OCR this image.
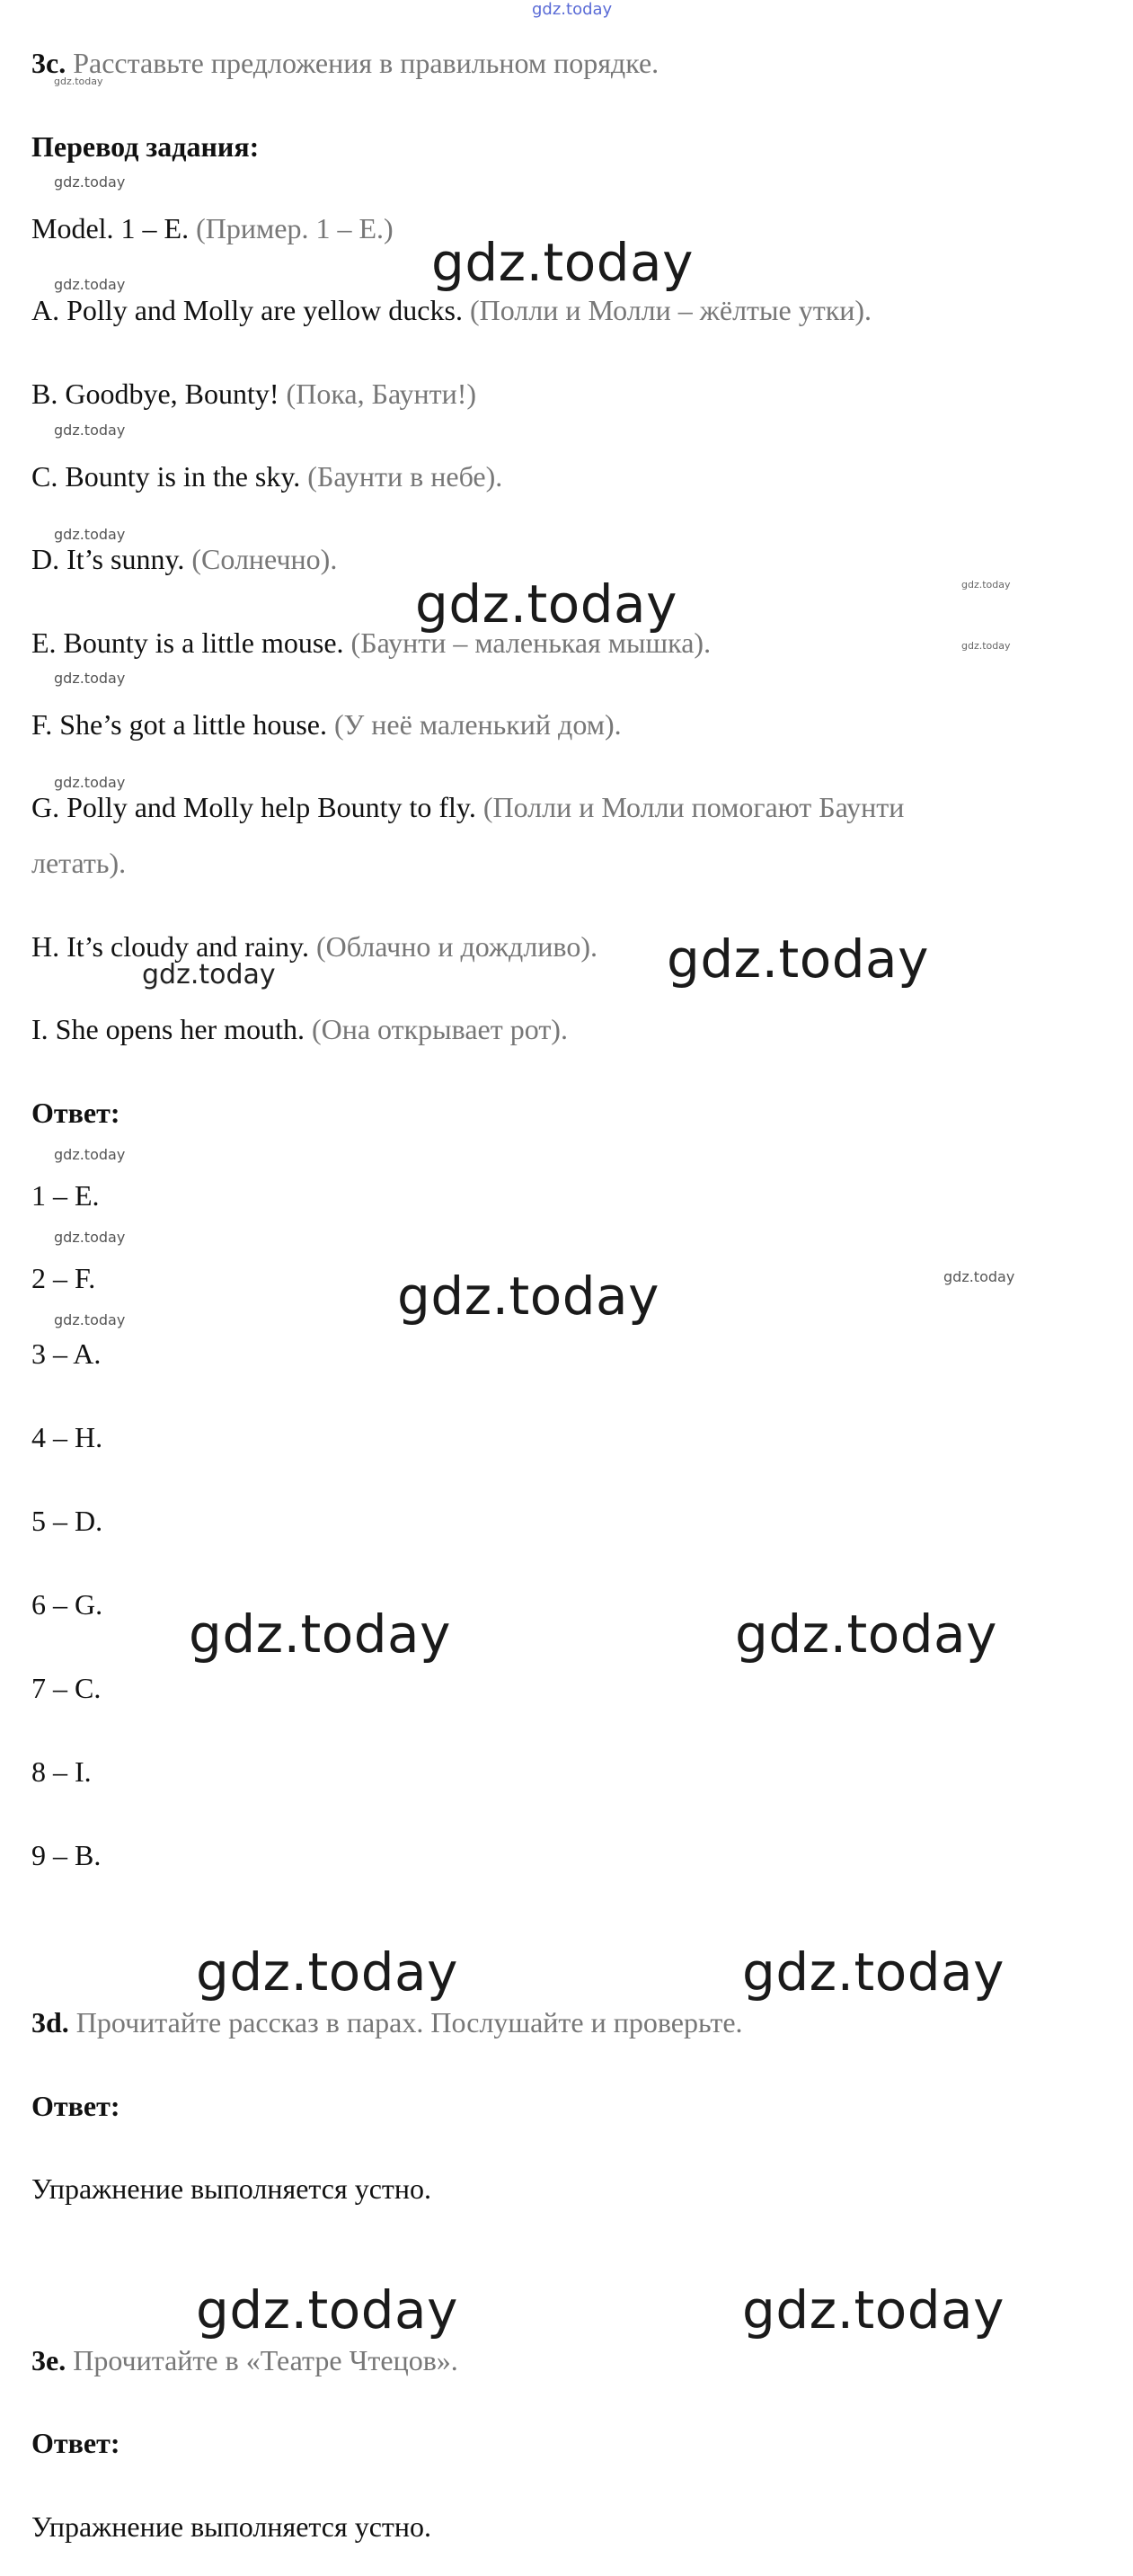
gdz.today
3c. Расставьте предложения в правильном порядке.
gdz.today
Перевод задания:
gdz.today
Model. 1 – E. (Пример. 1 – E.)
gdz.today	gdz.today
A. Polly and Molly are yellow ducks. (Полли и Молли – жёлтые утки).
B. Goodbye, Bounty! (Пока, Баунти!)
gdz.today
C. Bounty is in the sky. (Баунти в небе).
gdz.today
D. It’s sunny. (Солнечно).
gdz.today
gdz.today
gdz.today
E. Bounty is a little mouse. (Баунти – маленькая мышка).
gdz.today
F. She’s got a little house. (У неё маленький дом).
gdz.today
G. Polly and Molly help Bounty to fly. (Полли и Молли помогают Баунти
летать).
H. It’s cloudy and rainy. (Облачно и дождливо). gdz.today
gdz.today
I. She opens her mouth. (Она открывает рот).
Ответ:
gdz.today
1 – E.
gdz.today
2 – F.	gdz.today
gdz.today
gdz.today
3 – A.
4 – H.
5 – D.
6 – G. gdz.today	gdz.today
7 – C.
8 – I.
9 – B.
gdz.today	gdz.today
3d. Прочитайте рассказ в парах. Послушайте и проверьте.
Ответ:
Упражнение выполняется устно.
gdz.today	gdz.today
3e. Прочитайте в «Театре Чтецов».
Ответ:
Упражнение выполняется устно.
